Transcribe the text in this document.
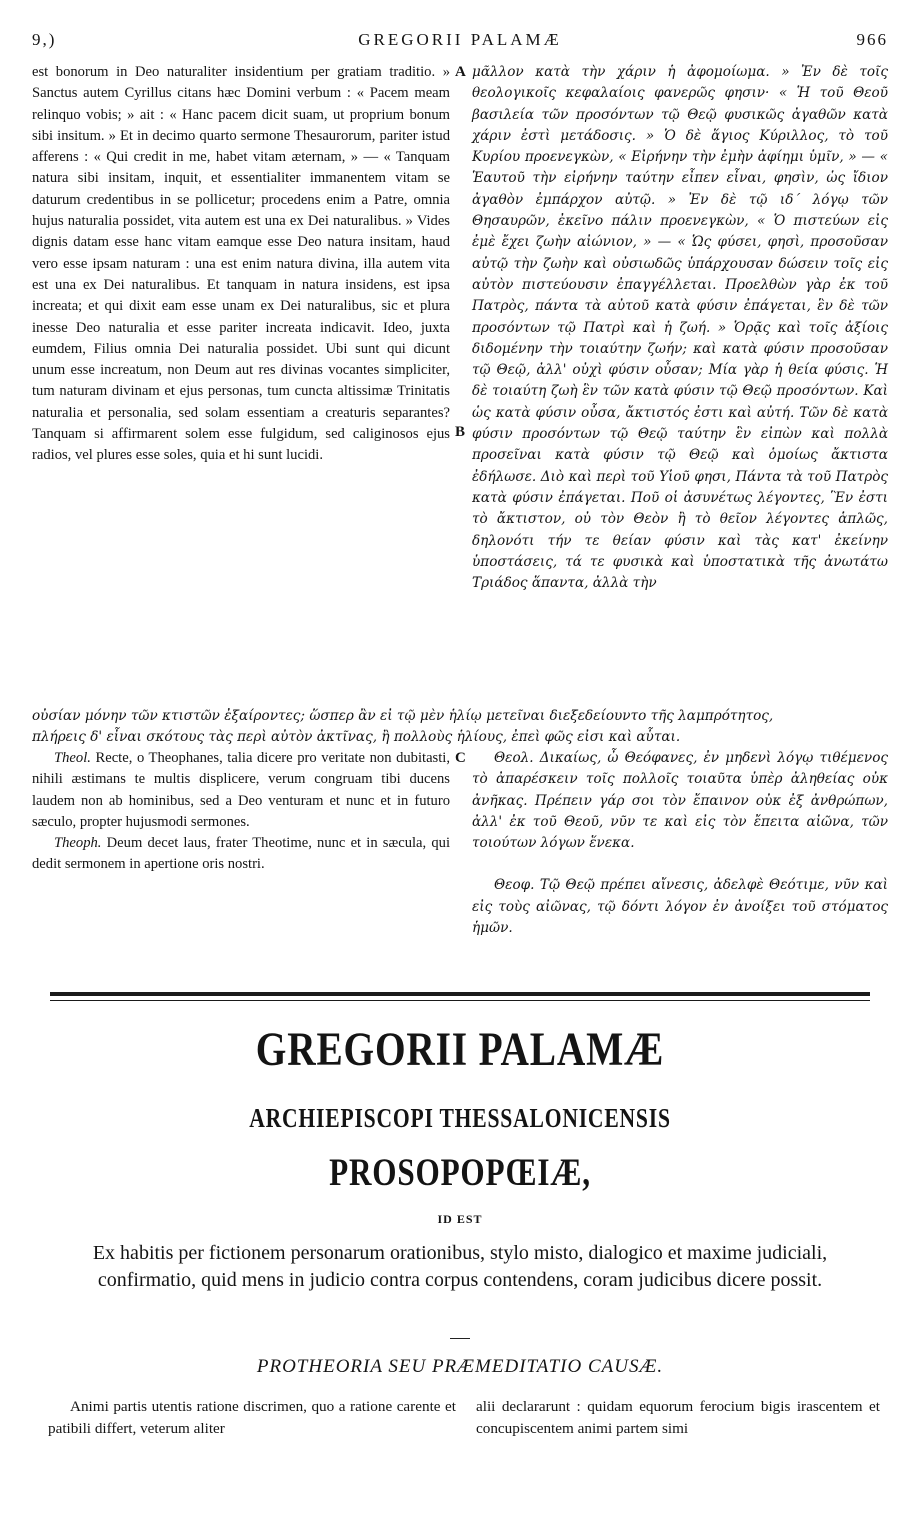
9,)	GREGORII PALAMÆ	966

est bonorum in Deo naturaliter insidentium per gratiam traditio. » Sanctus autem Cyrillus citans hæc Domini verbum : « Pacem meam relinquo vobis; » ait : « Hanc pacem dicit suam, ut proprium bonum sibi insitum. » Et in decimo quarto sermone Thesaurorum, pariter istud afferens : « Qui credit in me, habet vitam æternam, » — « Tanquam natura sibi insitam, inquit, et essentialiter immanentem vitam se daturum credentibus in se pollicetur; procedens enim a Patre, omnia hujus naturalia possidet, vita autem est una ex Dei naturalibus. » Vides dignis datam esse hanc vitam eamque esse Deo natura insitam, haud vero esse ipsam naturam : una est enim natura divina, illa autem vita est una ex Dei naturalibus. Et tanquam in natura insidens, est ipsa increata; et qui dixit eam esse unam ex Dei naturalibus, sic et plura inesse Deo naturalia et esse pariter increata indicavit. Ideo, juxta eumdem, Filius omnia Dei naturalia possidet. Ubi sunt qui dicunt unum esse increatum, non Deum aut res divinas vocantes simpliciter, tum naturam divinam et ejus personas, tum cuncta altissimæ Trinitatis naturalia et personalia, sed solam essentiam a creaturis separantes? Tanquam si affirmarent solem esse fulgidum, sed caliginosos ejus radios, vel plures esse soles, quia et hi sunt lucidi.

A
B

μᾶλλον κατὰ τὴν χάριν ἡ ἀφομοίωμα. » Ἐν δὲ τοῖς θεολογικοῖς κεφαλαίοις φανερῶς φησιν· « Ἡ τοῦ Θεοῦ βασιλεία τῶν προσόντων τῷ Θεῷ φυσικῶς ἀγαθῶν κατὰ χάριν ἐστὶ μετάδοσις. » Ὁ δὲ ἅγιος Κύριλλος, τὸ τοῦ Κυρίου προενεγκὼν, « Εἰρήνην τὴν ἐμὴν ἀφίημι ὑμῖν, » — « Ἑαυτοῦ τὴν εἰρήνην ταύτην εἶπεν εἶναι, φησὶν, ὡς ἴδιον ἀγαθὸν ἐμπάρχον αὐτῷ. » Ἐν δὲ τῷ ιδ´ λόγῳ τῶν Θησαυρῶν, ἐκεῖνο πάλιν προενεγκὼν, « Ὁ πιστεύων εἰς ἐμὲ ἔχει ζωὴν αἰώνιον, » — « Ὡς φύσει, φησὶ, προσοῦσαν αὐτῷ τὴν ζωὴν καὶ οὐσιωδῶς ὑπάρχουσαν δώσειν τοῖς εἰς αὐτὸν πιστεύουσιν ἐπαγγέλλεται. Προελθὼν γὰρ ἐκ τοῦ Πατρὸς, πάντα τὰ αὐτοῦ κατὰ φύσιν ἐπάγεται, ἓν δὲ τῶν προσόντων τῷ Πατρὶ καὶ ἡ ζωή. » Ὁρᾷς καὶ τοῖς ἀξίοις διδομένην τὴν τοιαύτην ζωήν; καὶ κατὰ φύσιν προσοῦσαν τῷ Θεῷ, ἀλλ' οὐχὶ φύσιν οὖσαν; Μία γὰρ ἡ θεία φύσις. Ἡ δὲ τοιαύτη ζωὴ ἓν τῶν κατὰ φύσιν τῷ Θεῷ προσόντων. Καὶ ὡς κατὰ φύσιν οὖσα, ἄκτιστός ἐστι καὶ αὐτή. Τῶν δὲ κατὰ φύσιν προσόντων τῷ Θεῷ ταύτην ἓν εἰπὼν καὶ πολλὰ προσεῖναι κατὰ φύσιν τῷ Θεῷ καὶ ὁμοίως ἄκτιστα ἐδήλωσε. Διὸ καὶ περὶ τοῦ Υἱοῦ φησι, Πάντα τὰ τοῦ Πατρὸς κατὰ φύσιν ἐπάγεται. Ποῦ οἱ ἀσυνέτως λέγοντες, Ἓν ἐστι τὸ ἄκτιστον, οὐ τὸν Θεὸν ἢ τὸ θεῖον λέγοντες ἁπλῶς, δηλονότι τήν τε θείαν φύσιν καὶ τὰς κατ' ἐκείνην ὑποστάσεις, τά τε φυσικὰ καὶ ὑποστατικὰ τῆς ἀνωτάτω Τριάδος ἅπαντα, ἀλλὰ τὴν

οὐσίαν μόνην τῶν κτιστῶν ἐξαίροντες; ὥσπερ ἂν εἰ τῷ μὲν ἡλίῳ μετεῖναι διεξεδείουντο τῆς λαμπρότητος,

πλήρεις δ' εἶναι σκότους τὰς περὶ αὐτὸν ἀκτῖνας, ἢ πολλοὺς ἡλίους, ἐπεὶ φῶς εἰσι καὶ αὗται.

C

Theol. Recte, o Theophanes, talia dicere pro veritate non dubitasti, nihili æstimans te multis displicere, verum congruam tibi ducens laudem non ab hominibus, sed a Deo venturam et nunc et in futuro sæculo, propter hujusmodi sermones.

Theoph. Deum decet laus, frater Theotime, nunc et in sæcula, qui dedit sermonem in apertione oris nostri.

Θεολ. Δικαίως, ὦ Θεόφανες, ἐν μηδενὶ λόγῳ τιθέμενος τὸ ἀπαρέσκειν τοῖς πολλοῖς τοιαῦτα ὑπὲρ ἀληθείας οὐκ ἀνῆκας. Πρέπειν γάρ σοι τὸν ἔπαινον οὐκ ἐξ ἀνθρώπων, ἀλλ' ἐκ τοῦ Θεοῦ, νῦν τε καὶ εἰς τὸν ἔπειτα αἰῶνα, τῶν τοιούτων λόγων ἕνεκα.

Θεοφ. Τῷ Θεῷ πρέπει αἴνεσις, ἀδελφὲ Θεότιμε, νῦν καὶ εἰς τοὺς αἰῶνας, τῷ δόντι λόγον ἐν ἀνοίξει τοῦ στόματος ἡμῶν.

GREGORII PALAMÆ
ARCHIEPISCOPI THESSALONICENSIS
PROSOPOPŒIÆ,
ID EST
Ex habitis per fictionem personarum orationibus, stylo misto, dialogico et maxime judiciali, confirmatio, quid mens in judicio contra corpus contendens, coram judicibus dicere possit.
PROTHEORIA SEU PRÆMEDITATIO CAUSÆ.

Animi partis utentis ratione discrimen, quo a ratione carente et patibili differt, veterum aliter

alii declararunt : quidam equorum ferocium bigis irascentem et concupiscentem animi partem simi
